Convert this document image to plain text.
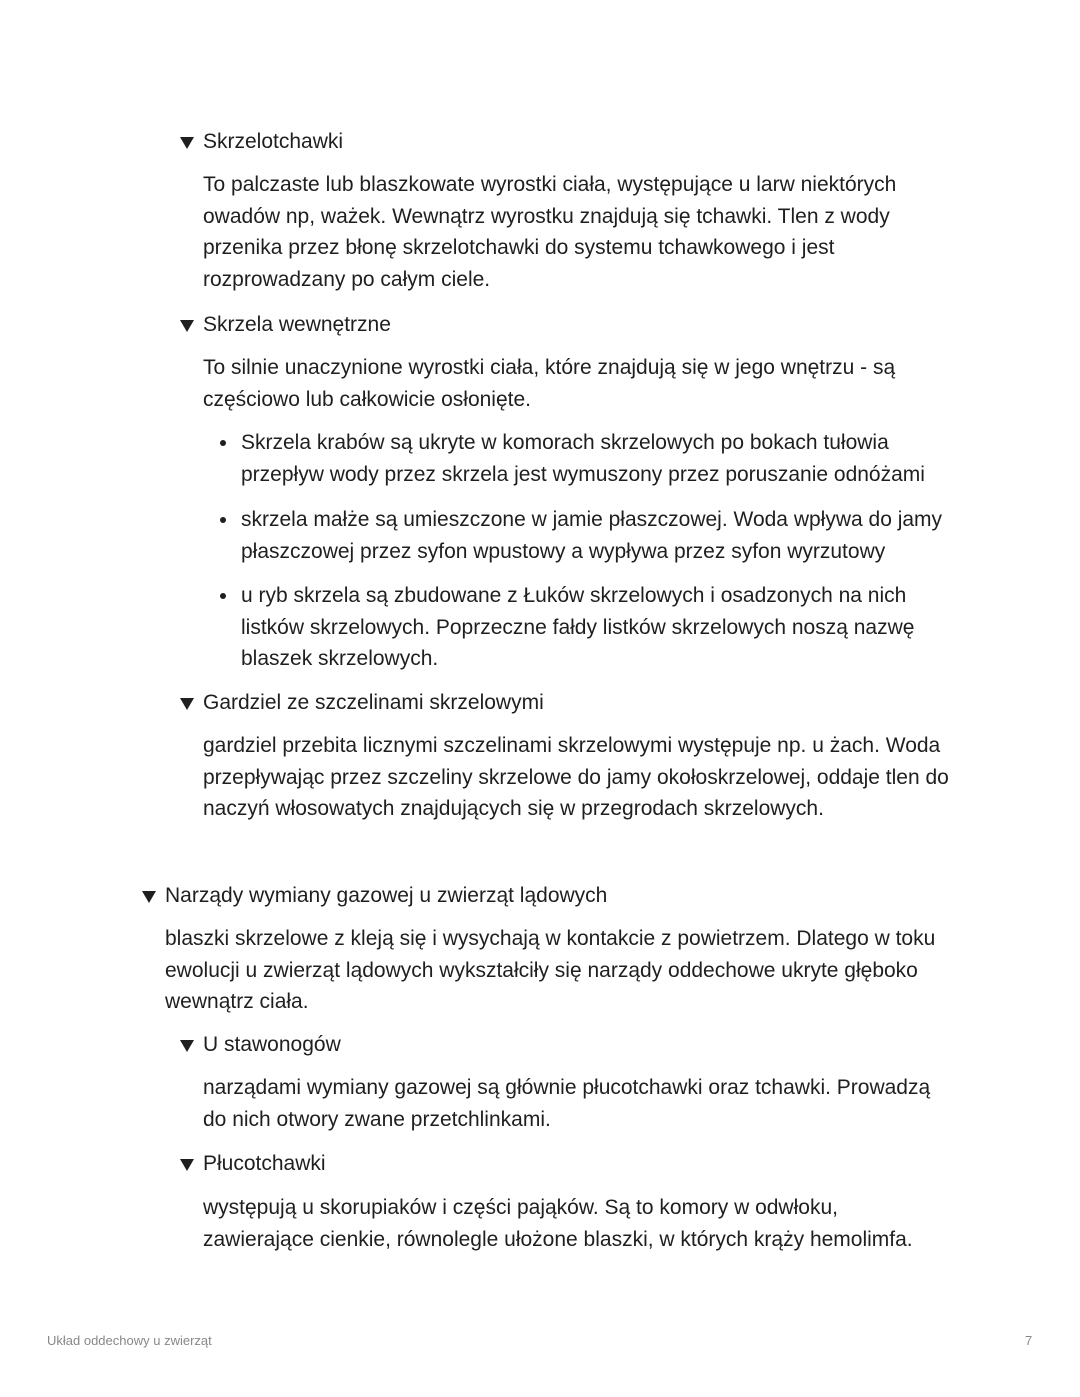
Skrzelotchawki

To palczaste lub blaszkowate wyrostki ciała, występujące u larw niektórych owadów np, ważek. Wewnątrz wyrostku znajdują się tchawki. Tlen z wody przenika przez błonę skrzelotchawki do systemu tchawkowego i jest rozprowadzany po całym ciele.

Skrzela wewnętrzne

To silnie unaczynione wyrostki ciała, które znajdują się w jego wnętrzu - są częściowo lub całkowicie osłonięte.

Skrzela krabów są ukryte w komorach skrzelowych po bokach tułowia przepływ wody przez skrzela jest wymuszony przez poruszanie odnóżami
skrzela małże są umieszczone w jamie płaszczowej. Woda wpływa do jamy płaszczowej przez syfon wpustowy a wypływa przez syfon wyrzutowy
u ryb skrzela są zbudowane z Łuków skrzelowych i osadzonych na nich listków skrzelowych. Poprzeczne fałdy listków skrzelowych noszą nazwę blaszek skrzelowych.
Gardziel ze szczelinami skrzelowymi

gardziel przebita licznymi szczelinami skrzelowymi występuje np. u żach. Woda przepływając przez szczeliny skrzelowe do jamy okołoskrzelowej, oddaje tlen do naczyń włosowatych znajdujących się w przegrodach skrzelowych.

Narządy wymiany gazowej u zwierząt lądowych

blaszki skrzelowe z kleją się i wysychają w kontakcie z powietrzem. Dlatego w toku ewolucji u zwierząt lądowych wykształciły się narządy oddechowe ukryte głęboko wewnątrz ciała.

U stawonogów

narządami wymiany gazowej są głównie płucotchawki oraz tchawki. Prowadzą do nich otwory zwane przetchlinkami.

Płucotchawki

występują u skorupiaków i części pająków. Są to komory w odwłoku, zawierające cienkie, równolegle ułożone blaszki, w których krąży hemolimfa.

Układ oddechowy u zwierząt	7
